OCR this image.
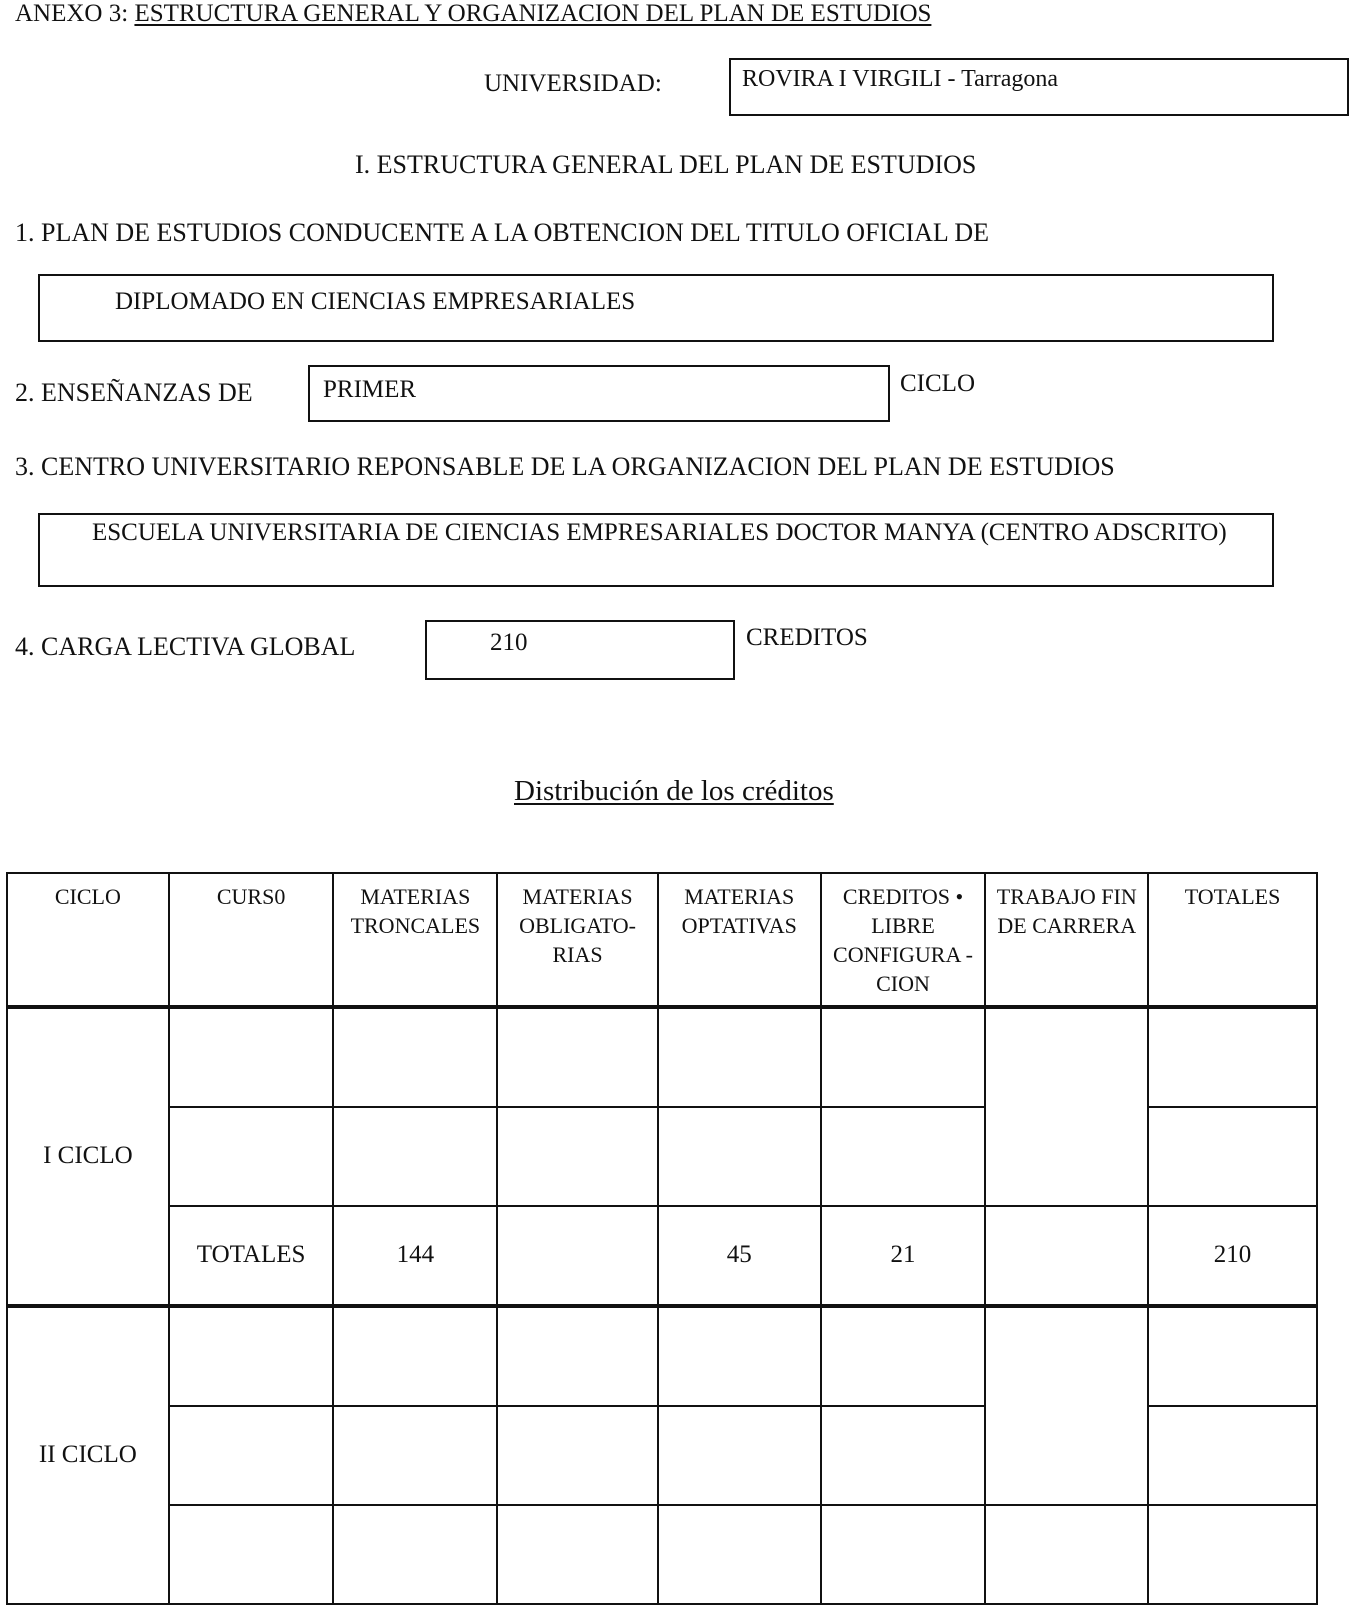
ANEXO 3: ESTRUCTURA GENERAL Y ORGANIZACION DEL PLAN DE ESTUDIOS
UNIVERSIDAD:	ROVIRA I VIRGILI - Tarragona
I. ESTRUCTURA GENERAL DEL PLAN DE ESTUDIOS
1. PLAN DE ESTUDIOS CONDUCENTE A LA OBTENCION DEL TITULO OFICIAL DE
DIPLOMADO EN CIENCIAS EMPRESARIALES
2. ENSEÑANZAS DE	PRIMER	CICLO
3. CENTRO UNIVERSITARIO REPONSABLE DE LA ORGANIZACION DEL PLAN DE ESTUDIOS
ESCUELA UNIVERSITARIA DE CIENCIAS EMPRESARIALES DOCTOR MANYA (CENTRO ADSCRITO)
4. CARGA LECTIVA GLOBAL	210	CREDITOS
Distribución de los créditos
CICLO	CURS0	MATERIAS TRONCALES	MATERIAS OBLIGATO- RIAS	MATERIAS OPTATIVAS	CREDITOS • LIBRE CONFIGURA -CION	TRABAJO FIN DE CARRERA	TOTALES
I CICLO							

	TOTALES	144		45	21		210
II CICLO							
